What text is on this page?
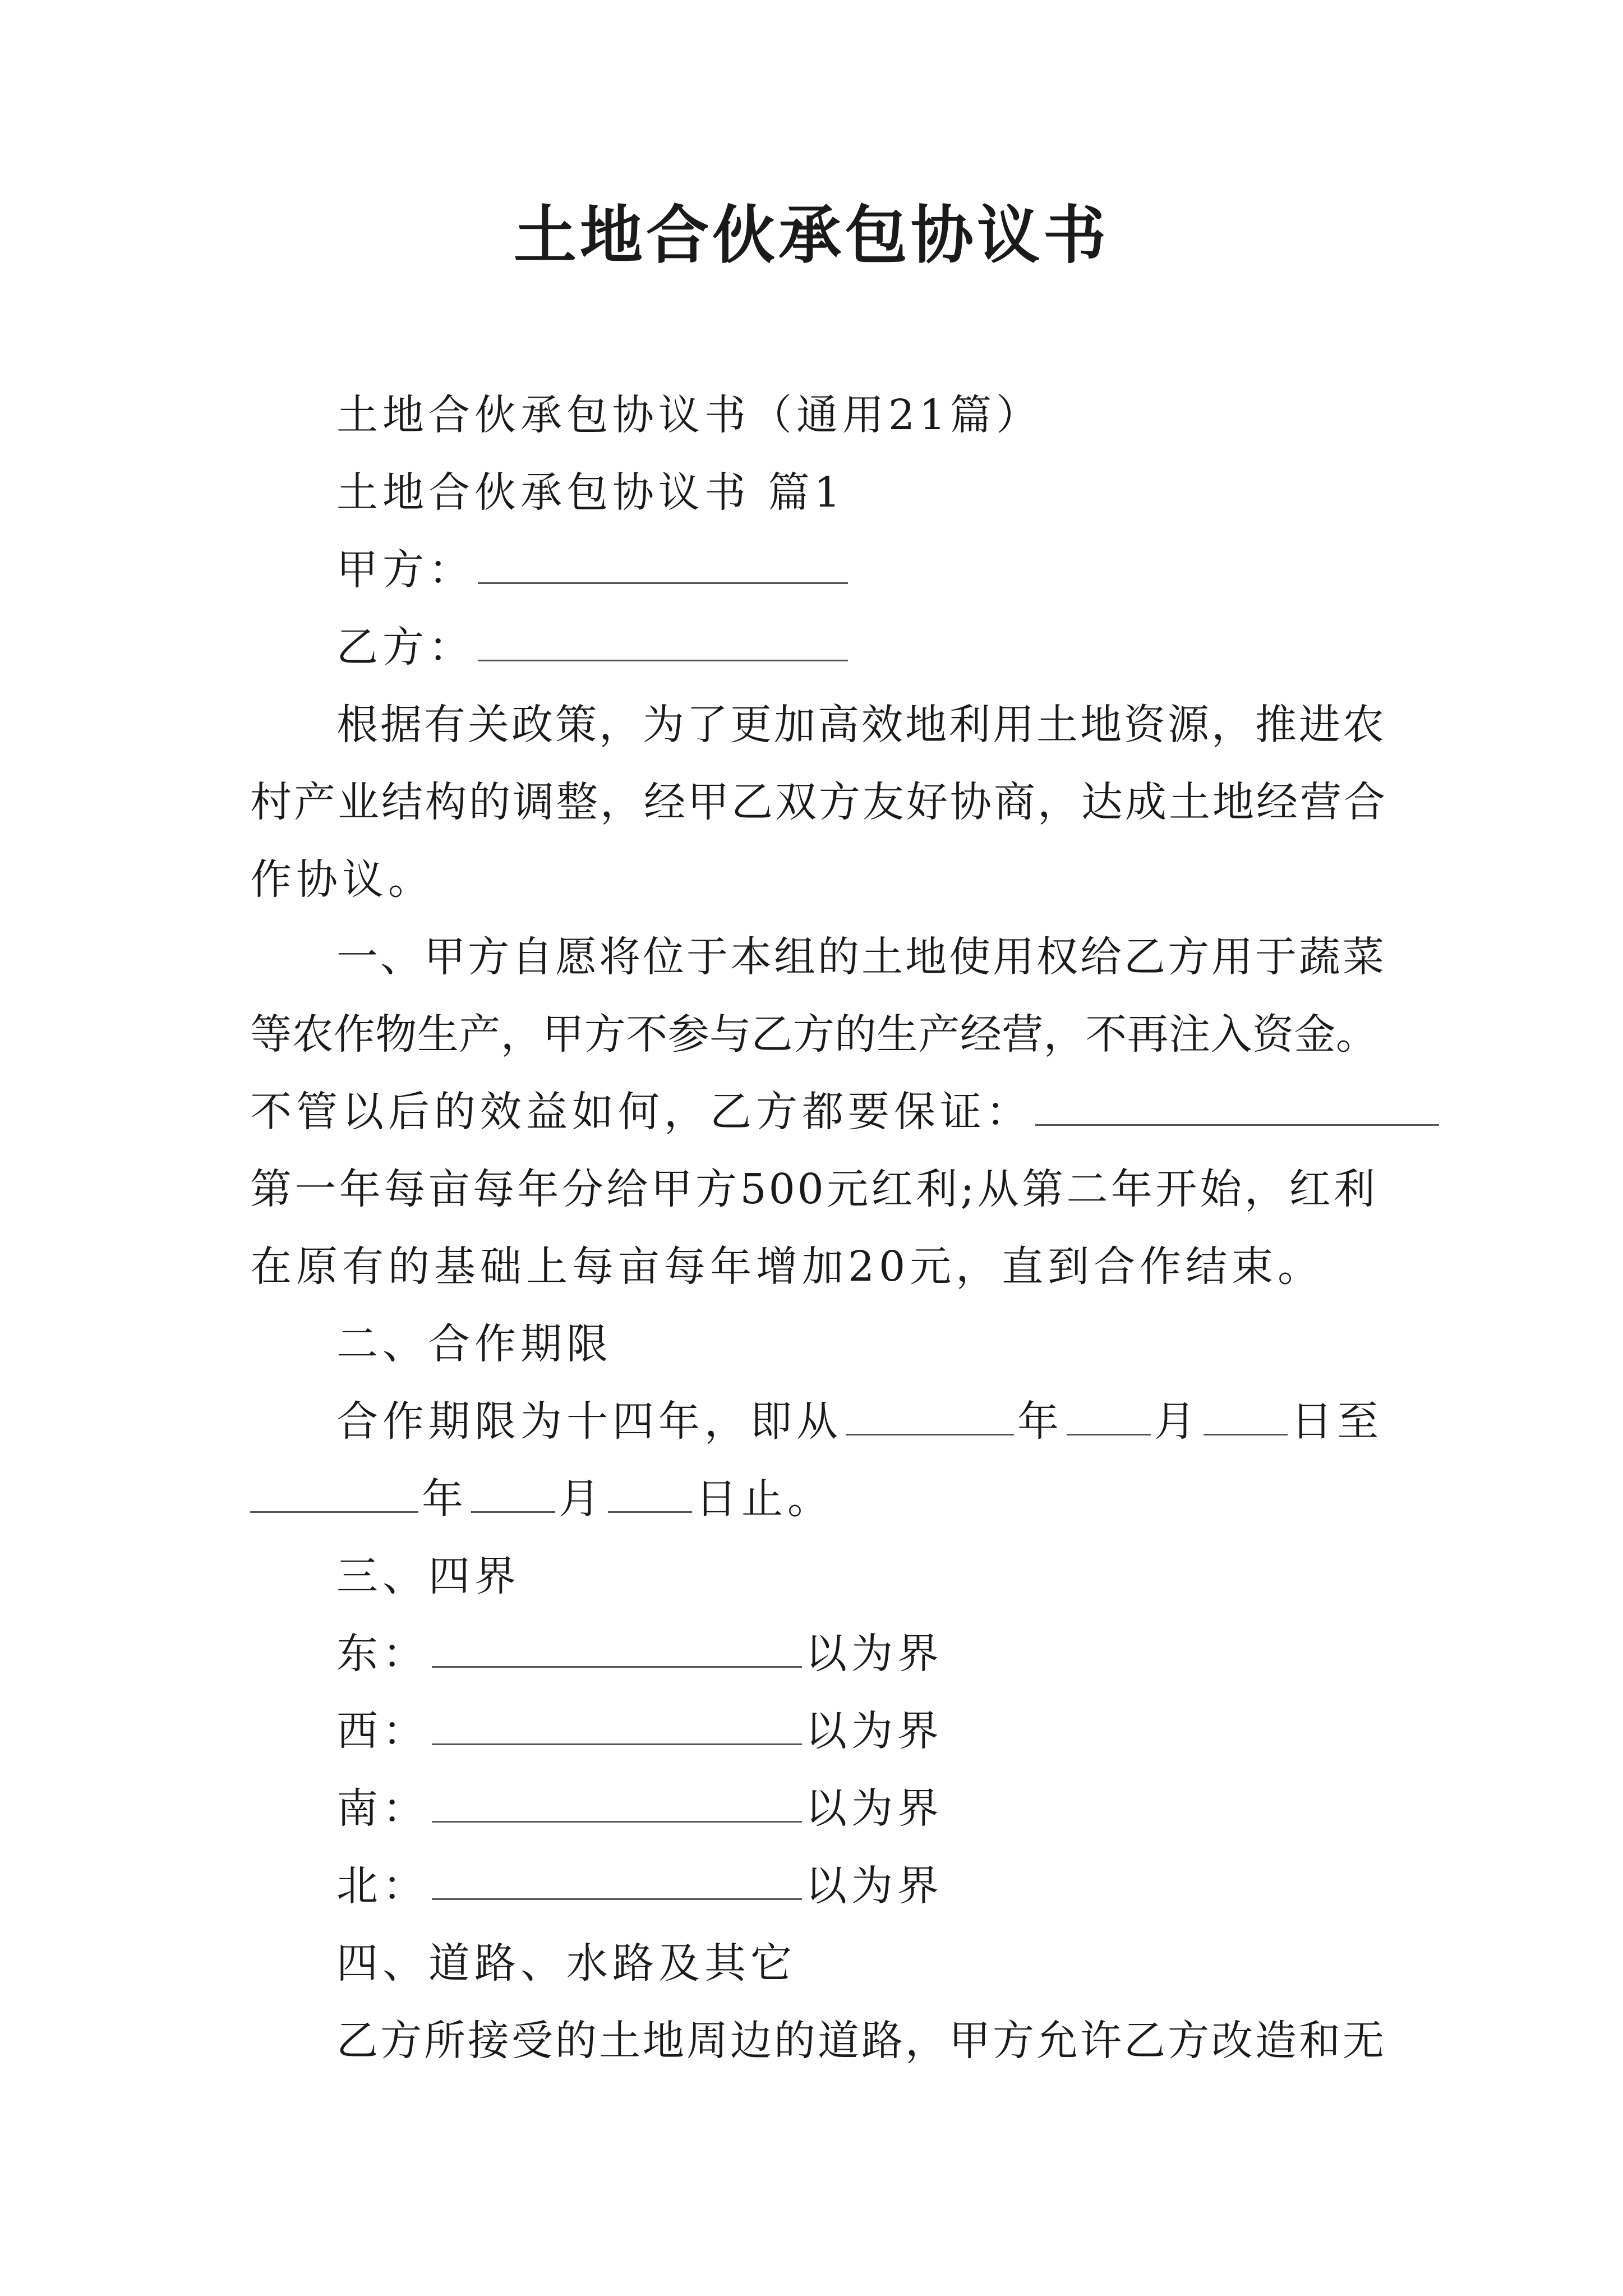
土地合伙承包协议书
土地合伙承包协议书（通用21篇）
土地合伙承包协议书 篇1
甲方：
乙方：
根据有关政策，为了更加高效地利用土地资源，推进农
村产业结构的调整，经甲乙双方友好协商，达成土地经营合
作协议。
一、甲方自愿将位于本组的土地使用权给乙方用于蔬菜
等农作物生产，甲方不参与乙方的生产经营，不再注入资金。
不管以后的效益如何，乙方都要保证：
第一年每亩每年分给甲方500元红利;从第二年开始，红利
在原有的基础上每亩每年增加20元，直到合作结束。
二、合作期限
合作期限为十四年，即从	年 月 日至
年 月 日止。
三、四界
东：	以为界
西：	以为界
南：	以为界
北：	以为界
四、道路、水路及其它
乙方所接受的土地周边的道路，甲方允许乙方改造和无
